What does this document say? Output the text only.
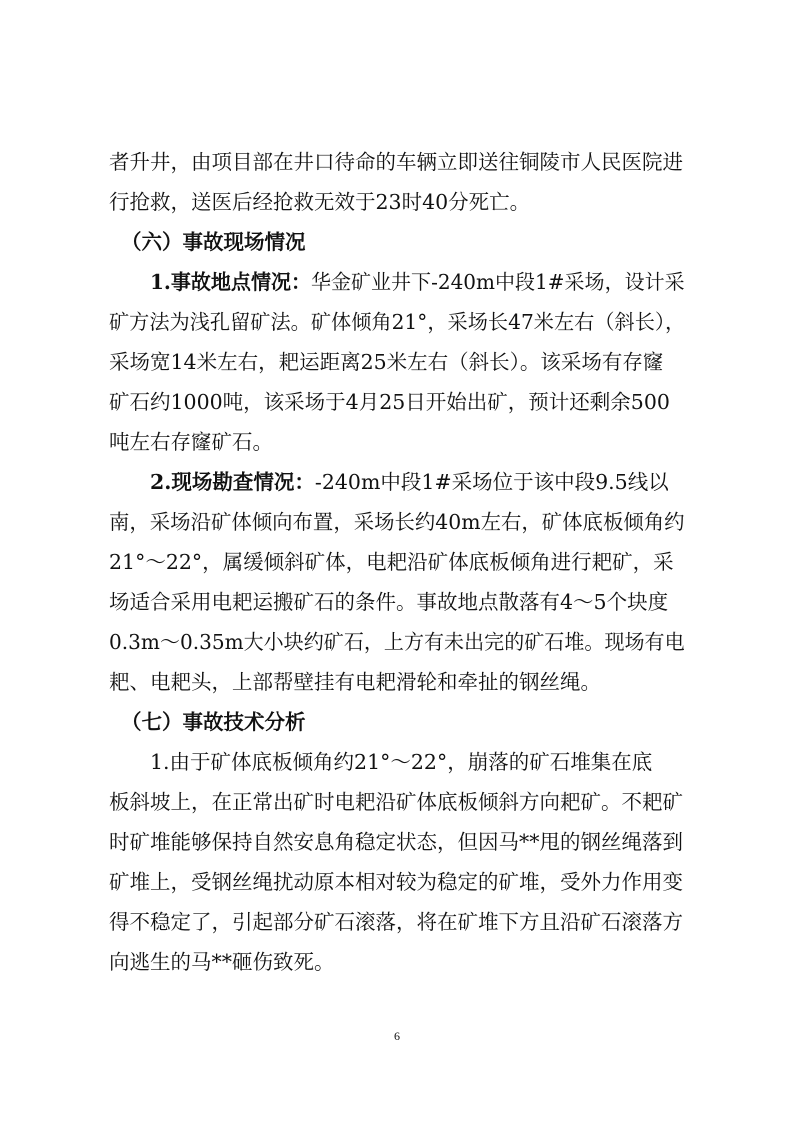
者升井，由项目部在井口待命的车辆立即送往铜陵市人民医院进
行抢救，送医后经抢救无效于23时40分死亡。
（六）事故现场情况
1.事故地点情况：华金矿业井下-240m中段1#采场，设计采
矿方法为浅孔留矿法。矿体倾角21°，采场长47米左右（斜长），
采场宽14米左右，耙运距离25米左右（斜长）。该采场有存窿
矿石约1000吨，该采场于4月25日开始出矿，预计还剩余500
吨左右存窿矿石。
2.现场勘查情况：-240m中段1#采场位于该中段9.5线以
南，采场沿矿体倾向布置，采场长约40m左右，矿体底板倾角约
21°～22°，属缓倾斜矿体，电耙沿矿体底板倾角进行耙矿，采
场适合采用电耙运搬矿石的条件。事故地点散落有4～5个块度
0.3m～0.35m大小块约矿石，上方有未出完的矿石堆。现场有电
耙、电耙头，上部帮壁挂有电耙滑轮和牵扯的钢丝绳。
（七）事故技术分析
1.由于矿体底板倾角约21°～22°，崩落的矿石堆集在底
板斜坡上，在正常出矿时电耙沿矿体底板倾斜方向耙矿。不耙矿
时矿堆能够保持自然安息角稳定状态，但因马**甩的钢丝绳落到
矿堆上，受钢丝绳扰动原本相对较为稳定的矿堆，受外力作用变
得不稳定了，引起部分矿石滚落，将在矿堆下方且沿矿石滚落方
向逃生的马**砸伤致死。
6
